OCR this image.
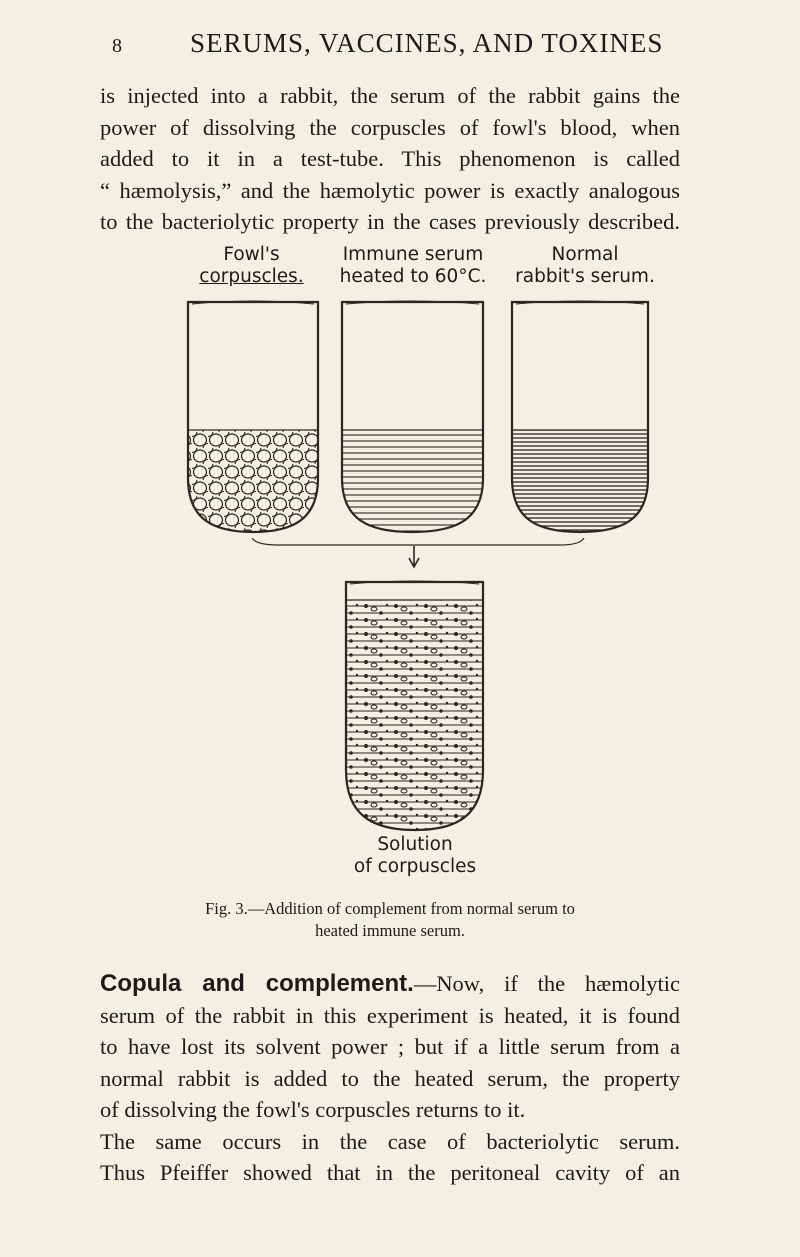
8 SERUMS, VACCINES, AND TOXINES
is injected into a rabbit, the serum of the rabbit gains the
power of dissolving the corpuscles of fowl's blood, when
added to it in a test-tube. This phenomenon is called
“ hæmolysis,” and the hæmolytic power is exactly analogous
to the bacteriolytic property in the cases previously described.
Fowl's
corpuscles.
Immune serum
heated to 60°C.
Normal
rabbit's serum.
Solution
of corpuscles
Fig. 3.—Addition of complement from normal serum to
heated immune serum.
Copula and complement.—Now, if the hæmolytic
serum of the rabbit in this experiment is heated, it is found
to have lost its solvent power ; but if a little serum from a
normal rabbit is added to the heated serum, the property
of dissolving the fowl's corpuscles returns to it.
The same occurs in the case of bacteriolytic serum.
Thus Pfeiffer showed that in the peritoneal cavity of an
